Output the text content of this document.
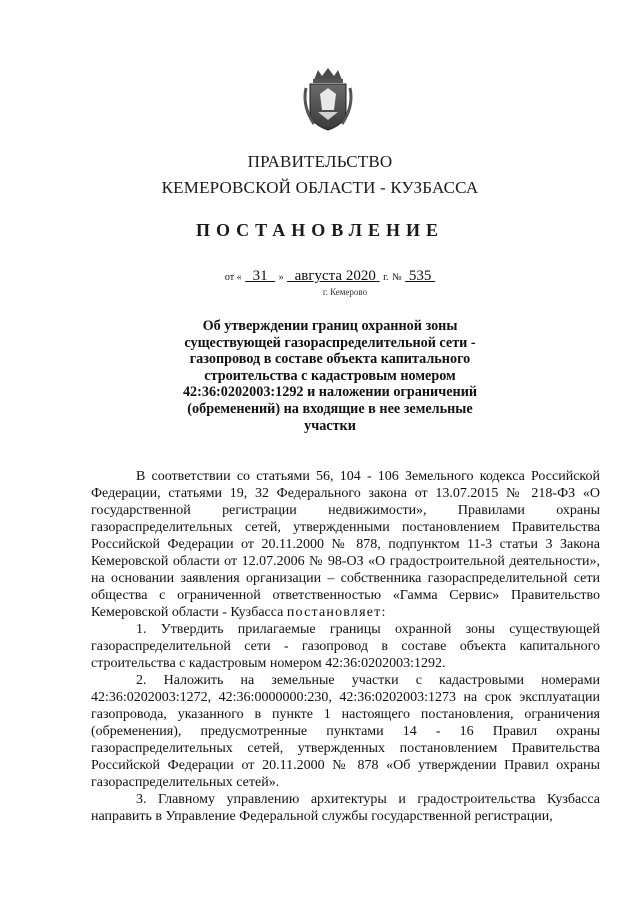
ПРАВИТЕЛЬСТВО
КЕМЕРОВСКОЙ ОБЛАСТИ - КУЗБАССА
ПОСТАНОВЛЕНИЕ
от « 31 » августа 2020 г. № 535
г. Кемерово
Об утверждении границ охранной зоны существующей газораспределительной сети - газопровод в составе объекта капитального строительства с кадастровым номером 42:36:0202003:1292 и наложении ограничений (обременений) на входящие в нее земельные участки

В соответствии со статьями 56, 104 - 106 Земельного кодекса Российской Федерации, статьями 19, 32 Федерального закона от 13.07.2015 № 218-ФЗ «О государственной регистрации недвижимости», Правилами охраны газораспределительных сетей, утвержденными постановлением Правительства Российской Федерации от 20.11.2000 № 878, подпунктом 11-3 статьи 3 Закона Кемеровской области от 12.07.2006 № 98-ОЗ «О градостроительной деятельности», на основании заявления организации – собственника газораспределительной сети общества с ограниченной ответственностью «Гамма Сервис» Правительство Кемеровской области - Кузбасса постановляет:

1. Утвердить прилагаемые границы охранной зоны существующей газораспределительной сети - газопровод в составе объекта капитального строительства с кадастровым номером 42:36:0202003:1292.

2. Наложить на земельные участки с кадастровыми номерами 42:36:0202003:1272, 42:36:0000000:230, 42:36:0202003:1273 на срок эксплуатации газопровода, указанного в пункте 1 настоящего постановления, ограничения (обременения), предусмотренные пунктами 14 - 16 Правил охраны газораспределительных сетей, утвержденных постановлением Правительства Российской Федерации от 20.11.2000 № 878 «Об утверждении Правил охраны газораспределительных сетей».

3. Главному управлению архитектуры и градостроительства Кузбасса направить в Управление Федеральной службы государственной регистрации,
